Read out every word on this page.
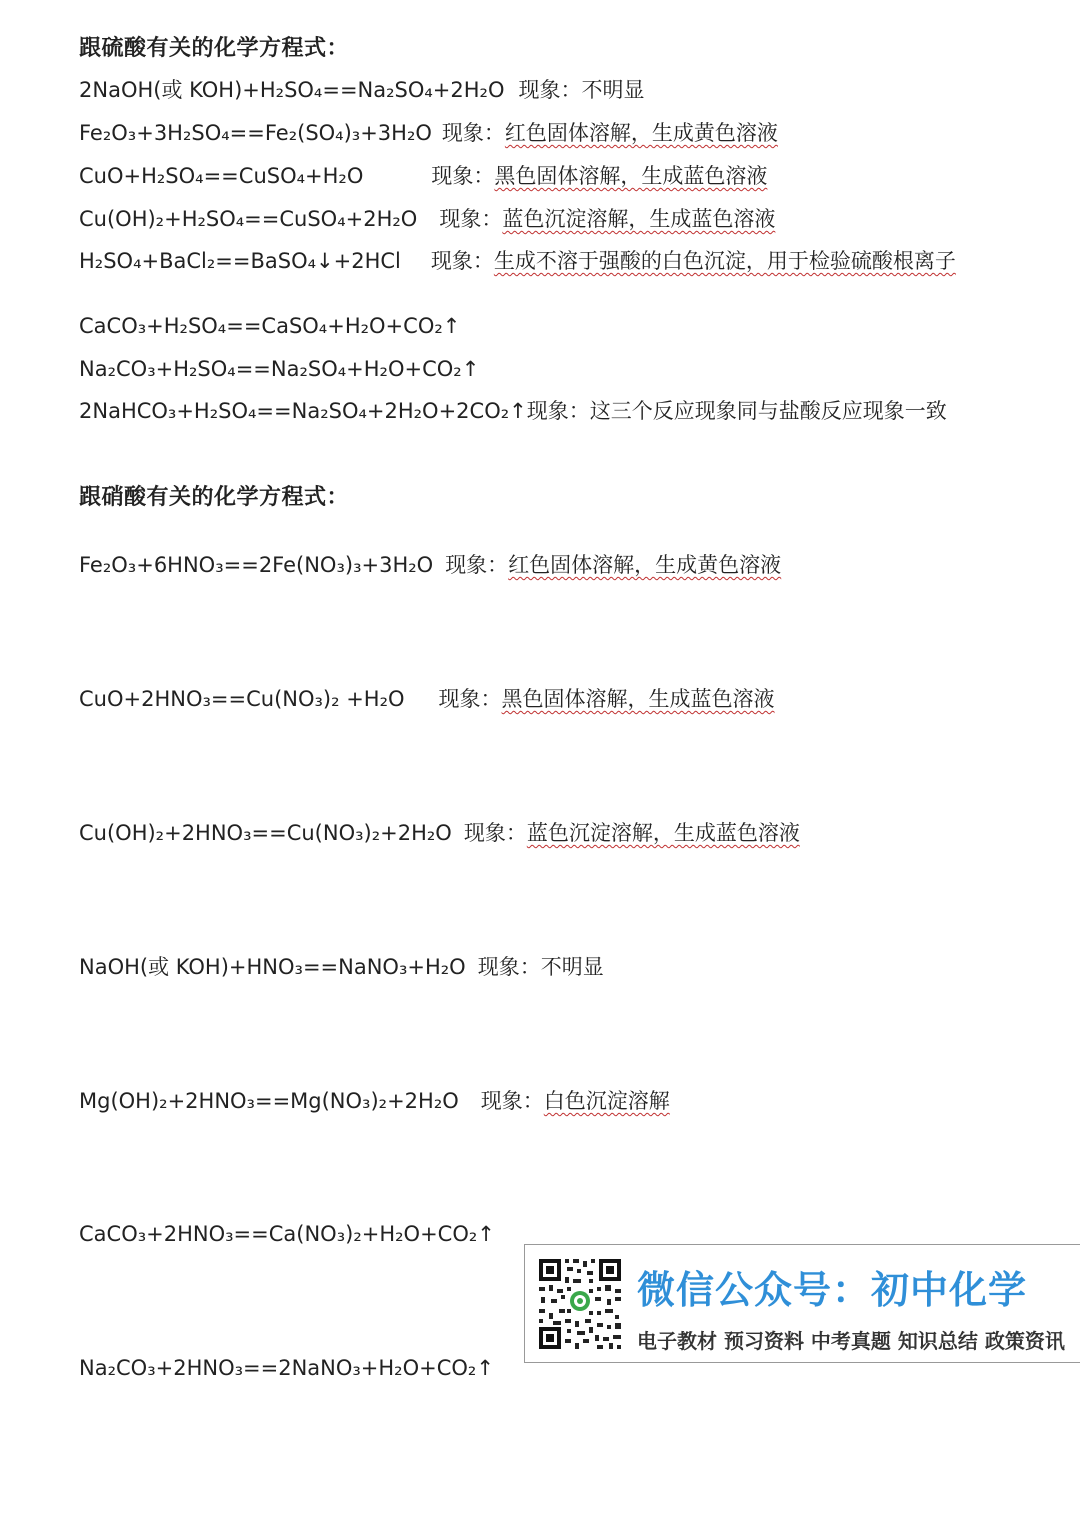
跟硫酸有关的化学方程式：
2NaOH(或 KOH)+H₂SO₄==Na₂SO₄+2H₂O 现象：不明显
Fe₂O₃+3H₂SO₄==Fe₂(SO₄)₃+3H₂O 现象：红色固体溶解，生成黄色溶液
CuO+H₂SO₄==CuSO₄+H₂O	现象：黑色固体溶解，生成蓝色溶液
Cu(OH)₂+H₂SO₄==CuSO₄+2H₂O 现象：蓝色沉淀溶解，生成蓝色溶液
H₂SO₄+BaCl₂==BaSO₄↓+2HCl 现象：生成不溶于强酸的白色沉淀，用于检验硫酸根离子
CaCO₃+H₂SO₄==CaSO₄+H₂O+CO₂↑
Na₂CO₃+H₂SO₄==Na₂SO₄+H₂O+CO₂↑
2NaHCO₃+H₂SO₄==Na₂SO₄+2H₂O+2CO₂↑现象：这三个反应现象同与盐酸反应现象一致
跟硝酸有关的化学方程式：
Fe₂O₃+6HNO₃==2Fe(NO₃)₃+3H₂O 现象：红色固体溶解，生成黄色溶液
CuO+2HNO₃==Cu(NO₃)₂ +H₂O 现象：黑色固体溶解，生成蓝色溶液
Cu(OH)₂+2HNO₃==Cu(NO₃)₂+2H₂O 现象：蓝色沉淀溶解，生成蓝色溶液
NaOH(或 KOH)+HNO₃==NaNO₃+H₂O 现象：不明显
Mg(OH)₂+2HNO₃==Mg(NO₃)₂+2H₂O 现象：白色沉淀溶解
CaCO₃+2HNO₃==Ca(NO₃)₂+H₂O+CO₂↑
Na₂CO₃+2HNO₃==2NaNO₃+H₂O+CO₂↑
微信公众号：初中化学
电子教材 预习资料 中考真题 知识总结 政策资讯
